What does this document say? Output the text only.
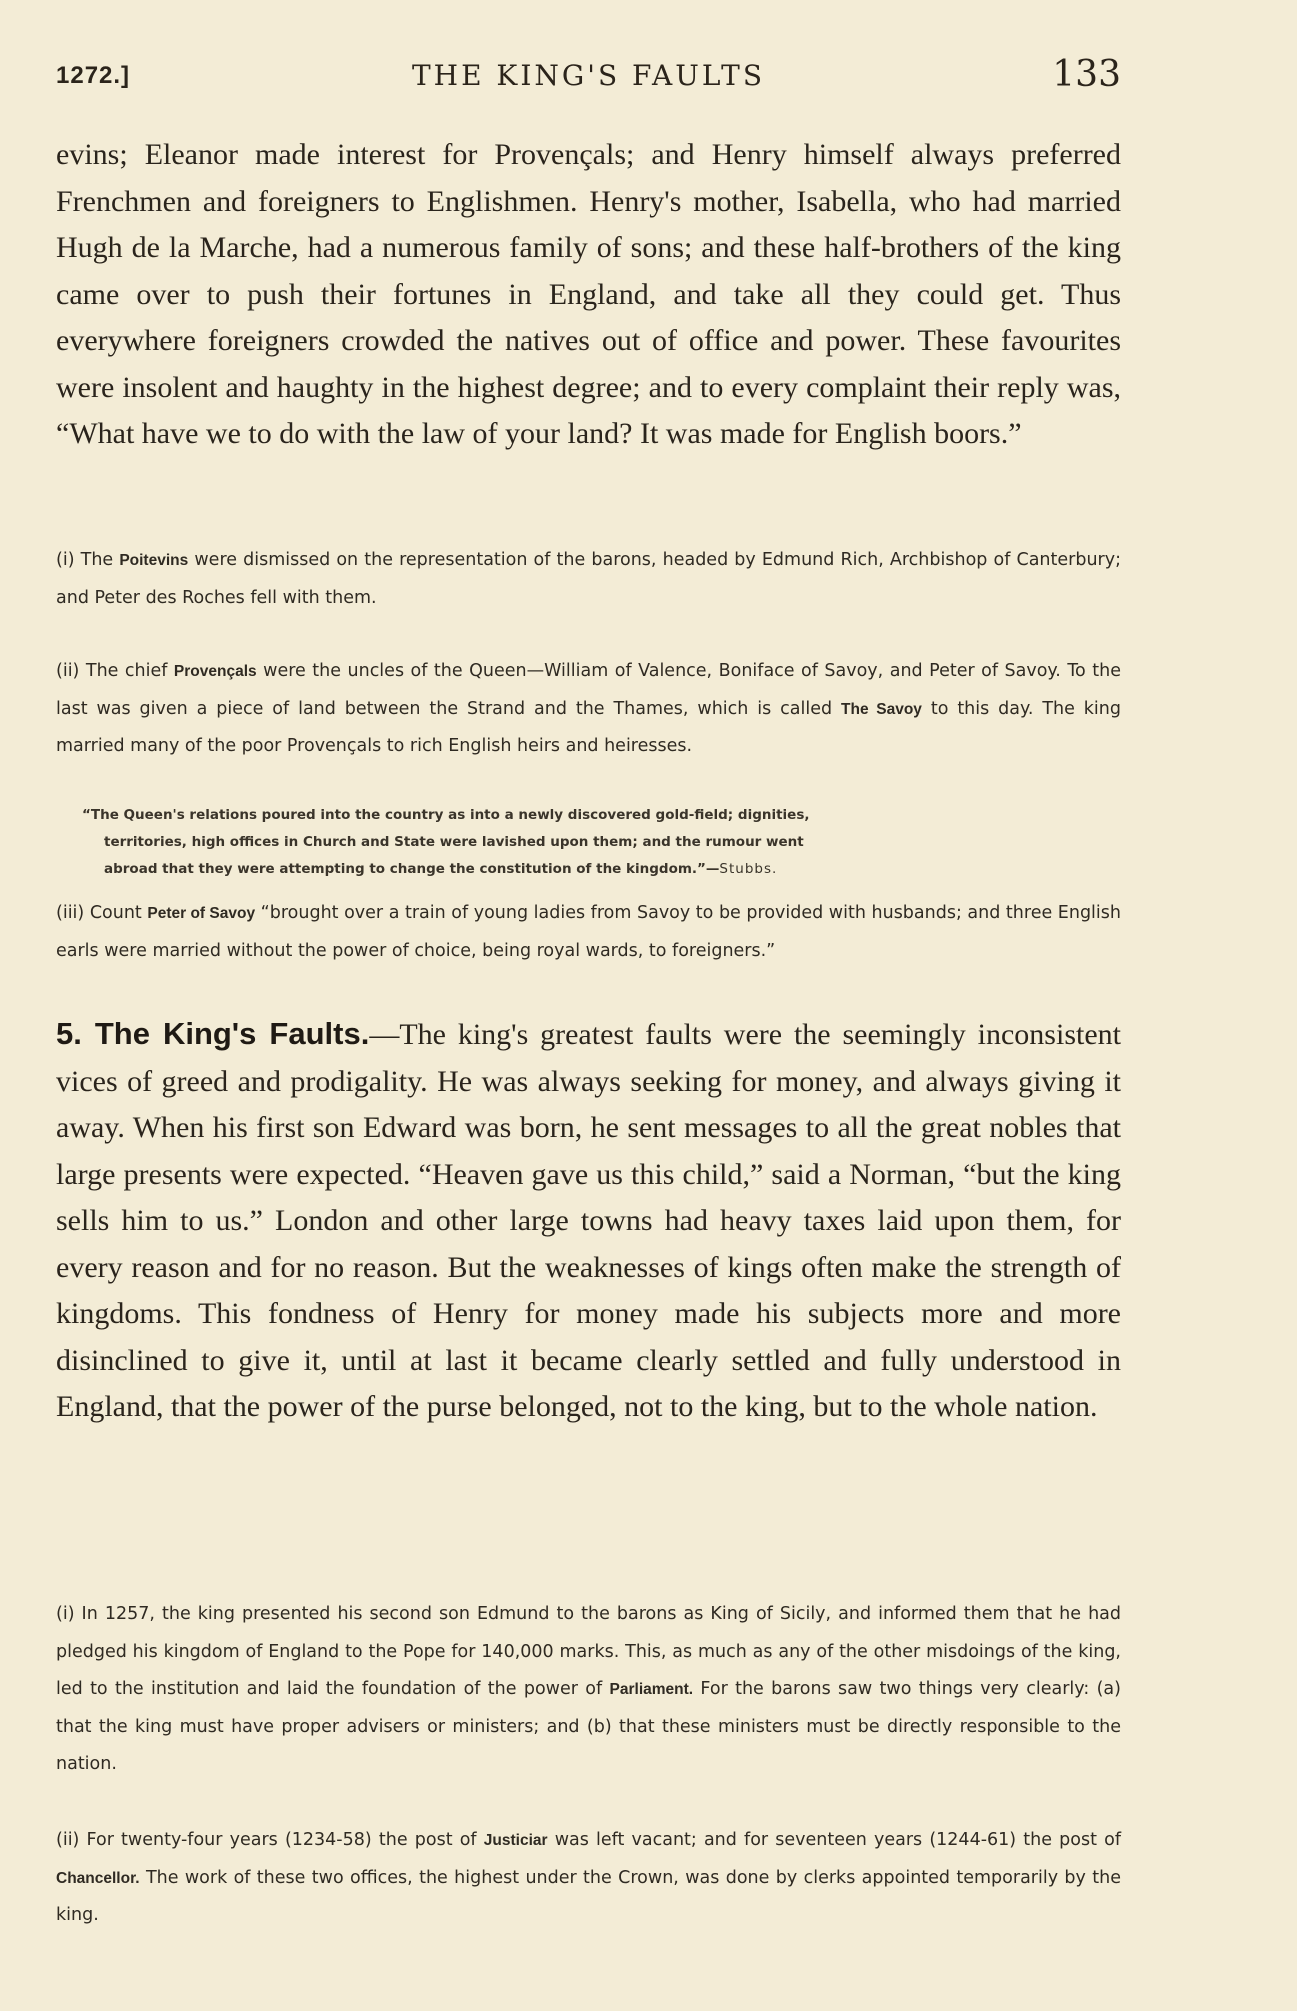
1272.]	THE KING'S FAULTS	133

evins; Eleanor made interest for Provençals; and Henry himself always preferred Frenchmen and foreigners to Englishmen. Henry's mother, Isabella, who had married Hugh de la Marche, had a numerous family of sons; and these half-brothers of the king came over to push their fortunes in England, and take all they could get. Thus everywhere foreigners crowded the natives out of office and power. These favourites were insolent and haughty in the highest degree; and to every complaint their reply was, “What have we to do with the law of your land? It was made for English boors.”

(i) The Poitevins were dismissed on the representation of the barons, headed by Edmund Rich, Archbishop of Canterbury; and Peter des Roches fell with them.

(ii) The chief Provençals were the uncles of the Queen—William of Valence, Boniface of Savoy, and Peter of Savoy. To the last was given a piece of land between the Strand and the Thames, which is called The Savoy to this day. The king married many of the poor Provençals to rich English heirs and heiresses.

“The Queen's relations poured into the country as into a newly discovered gold-field; dignities,
territories, high offices in Church and State were lavished upon them; and the rumour went
abroad that they were attempting to change the constitution of the kingdom.”—Stubbs.

(iii) Count Peter of Savoy “brought over a train of young ladies from Savoy to be provided with husbands; and three English earls were married without the power of choice, being royal wards, to foreigners.”

5. The King's Faults.—The king's greatest faults were the seemingly inconsistent vices of greed and prodigality. He was always seeking for money, and always giving it away. When his first son Edward was born, he sent messages to all the great nobles that large presents were expected. “Heaven gave us this child,” said a Norman, “but the king sells him to us.” London and other large towns had heavy taxes laid upon them, for every reason and for no reason. But the weaknesses of kings often make the strength of kingdoms. This fondness of Henry for money made his subjects more and more disinclined to give it, until at last it became clearly settled and fully understood in England, that the power of the purse belonged, not to the king, but to the whole nation.

(i) In 1257, the king presented his second son Edmund to the barons as King of Sicily, and informed them that he had pledged his kingdom of England to the Pope for 140,000 marks. This, as much as any of the other misdoings of the king, led to the institution and laid the foundation of the power of Parliament. For the barons saw two things very clearly: (a) that the king must have proper advisers or ministers; and (b) that these ministers must be directly responsible to the nation.

(ii) For twenty-four years (1234-58) the post of Justiciar was left vacant; and for seventeen years (1244-61) the post of Chancellor. The work of these two offices, the highest under the Crown, was done by clerks appointed temporarily by the king.
